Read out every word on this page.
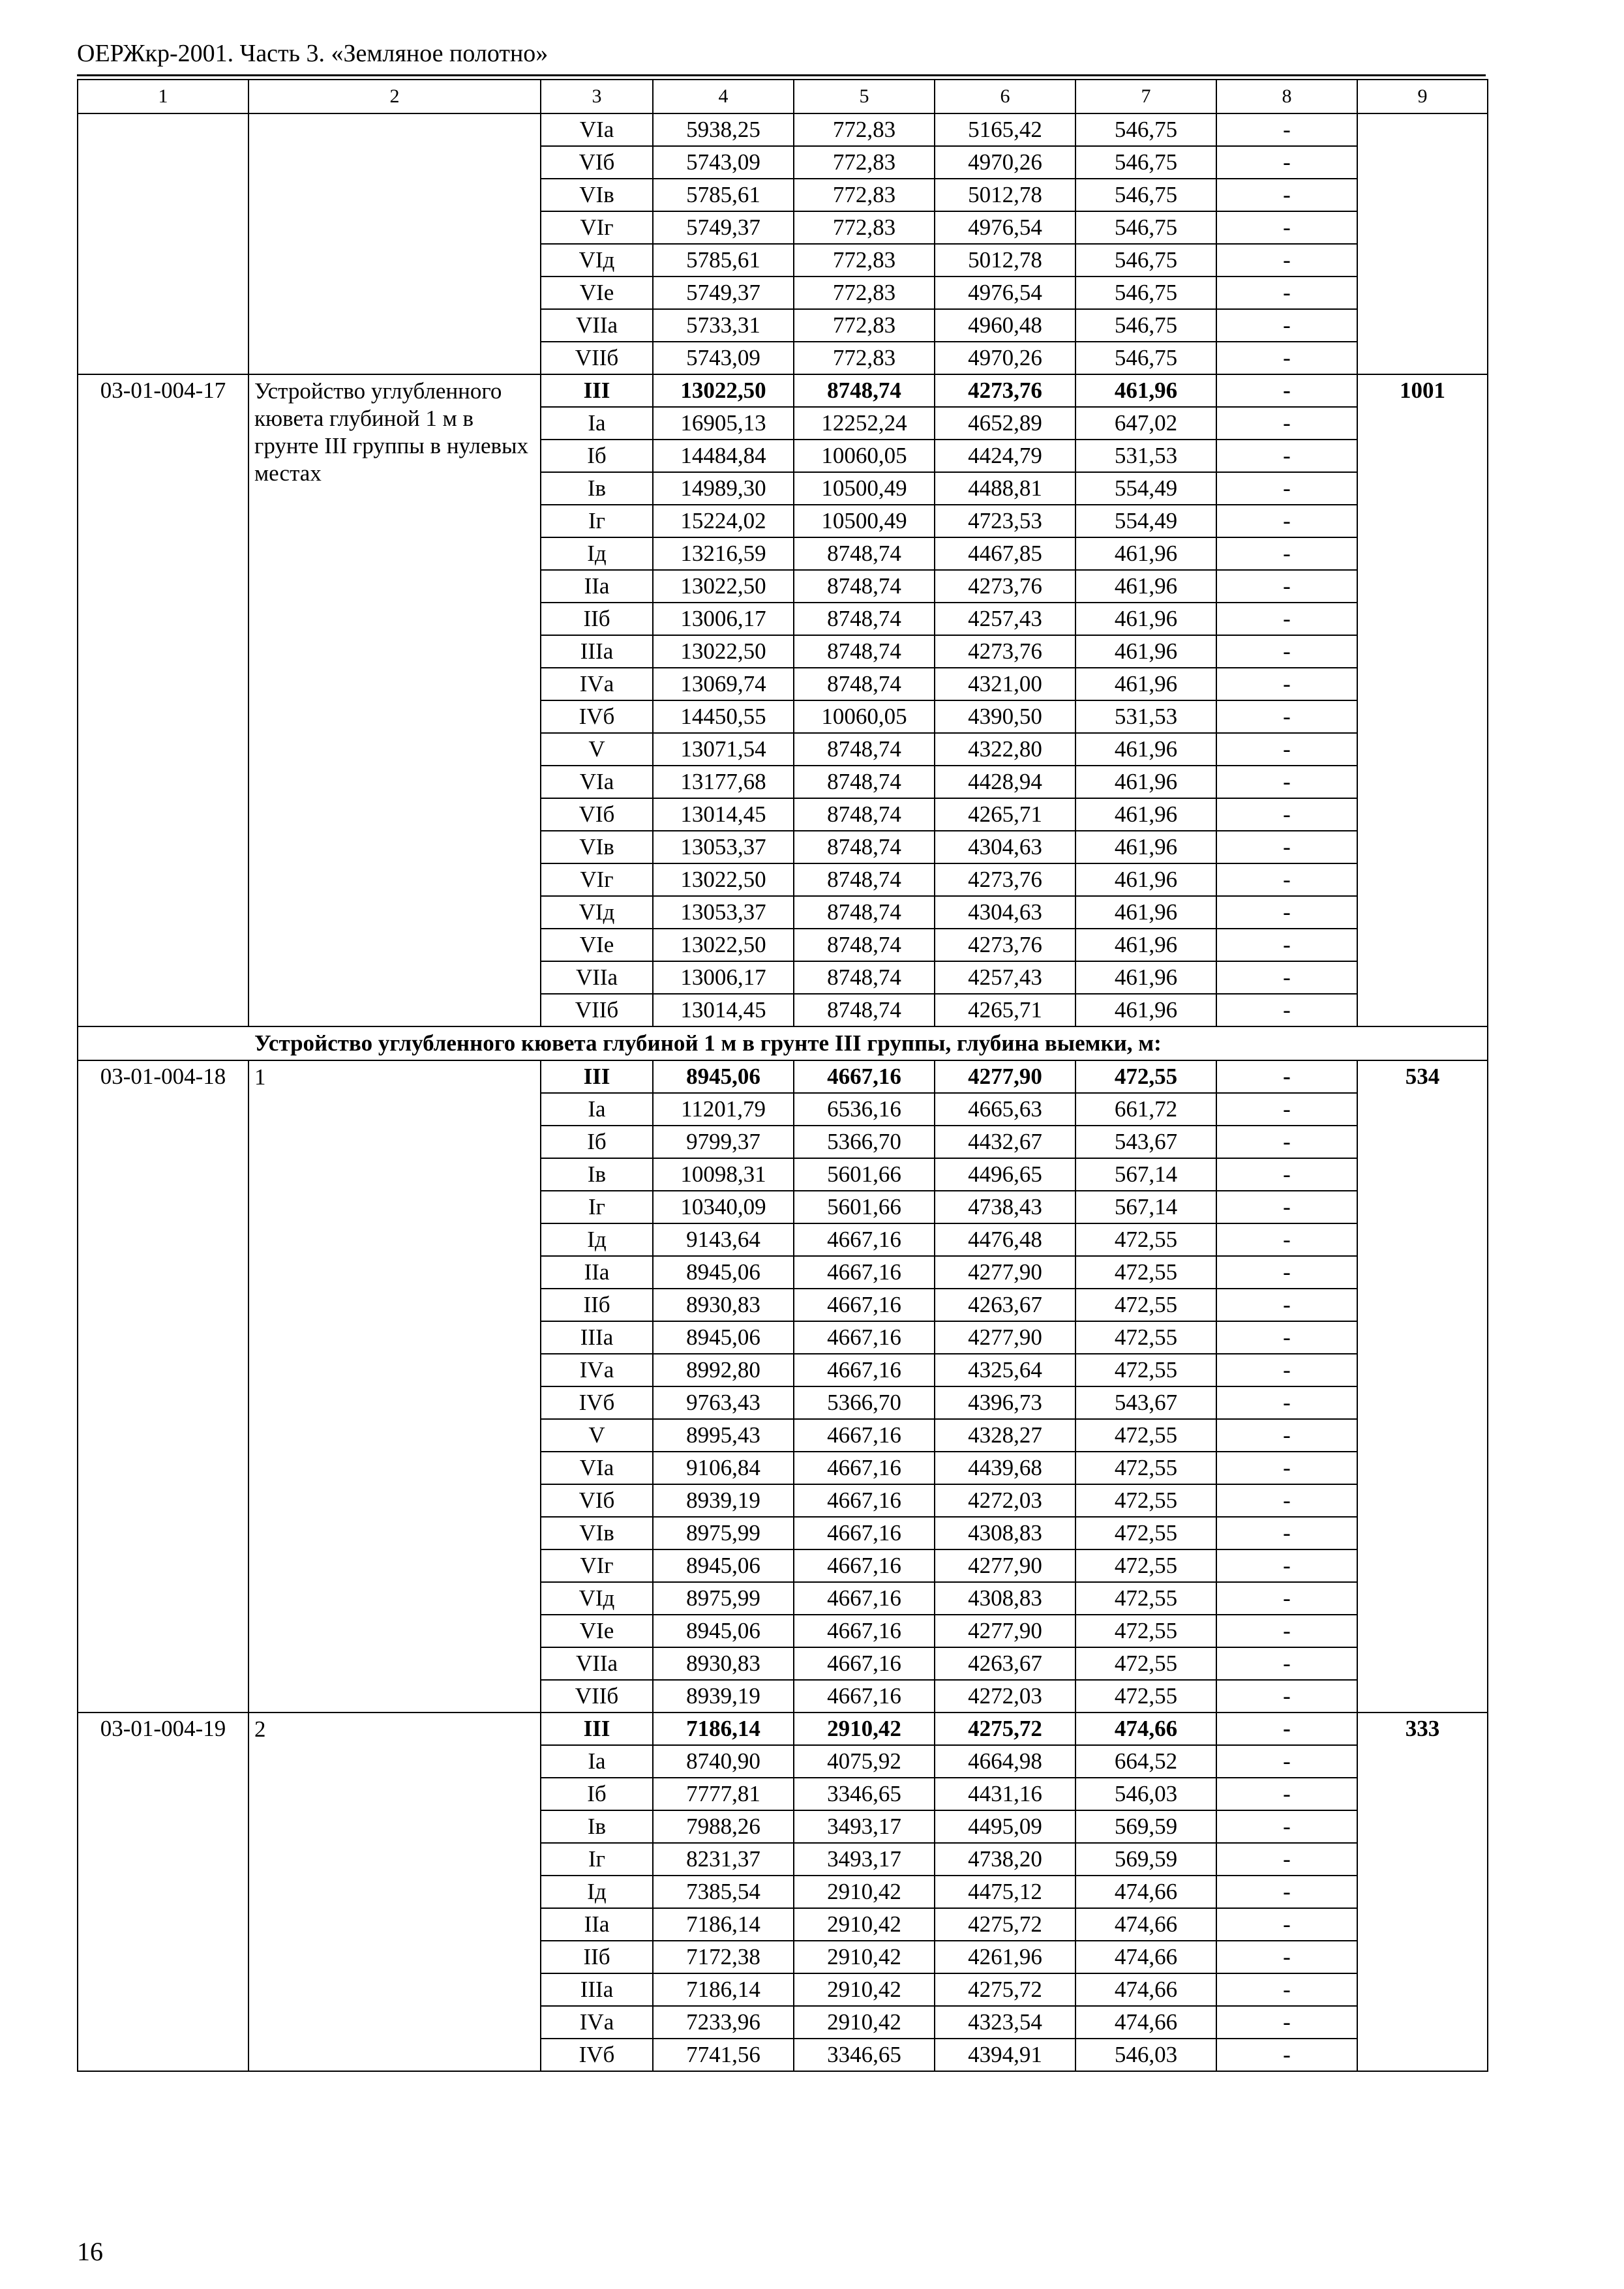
ОЕРЖкр-2001. Часть 3. «Земляное полотно»
1	2	3	4	5	6	7	8	9
		VIа	5938,25	772,83	5165,42	546,75	-	
		VIб	5743,09	772,83	4970,26	546,75	-	
		VIв	5785,61	772,83	5012,78	546,75	-	
		VIг	5749,37	772,83	4976,54	546,75	-	
		VIд	5785,61	772,83	5012,78	546,75	-	
		VIе	5749,37	772,83	4976,54	546,75	-	
		VIIа	5733,31	772,83	4960,48	546,75	-	
		VIIб	5743,09	772,83	4970,26	546,75	-	
03-01-004-17	Устройство углубленного кювета глубиной 1 м в грунте III группы в нулевых местах	III	13022,50	8748,74	4273,76	461,96	-	1001
		Iа	16905,13	12252,24	4652,89	647,02	-	
		Iб	14484,84	10060,05	4424,79	531,53	-	
		Iв	14989,30	10500,49	4488,81	554,49	-	
		Iг	15224,02	10500,49	4723,53	554,49	-	
		Iд	13216,59	8748,74	4467,85	461,96	-	
		IIа	13022,50	8748,74	4273,76	461,96	-	
		IIб	13006,17	8748,74	4257,43	461,96	-	
		IIIа	13022,50	8748,74	4273,76	461,96	-	
		IVа	13069,74	8748,74	4321,00	461,96	-	
		IVб	14450,55	10060,05	4390,50	531,53	-	
		V	13071,54	8748,74	4322,80	461,96	-	
		VIа	13177,68	8748,74	4428,94	461,96	-	
		VIб	13014,45	8748,74	4265,71	461,96	-	
		VIв	13053,37	8748,74	4304,63	461,96	-	
		VIг	13022,50	8748,74	4273,76	461,96	-	
		VIд	13053,37	8748,74	4304,63	461,96	-	
		VIе	13022,50	8748,74	4273,76	461,96	-	
		VIIа	13006,17	8748,74	4257,43	461,96	-	
		VIIб	13014,45	8748,74	4265,71	461,96	-	
Устройство углубленного кювета глубиной 1 м в грунте III группы, глубина выемки, м:								
03-01-004-18	1	III	8945,06	4667,16	4277,90	472,55	-	534
		Iа	11201,79	6536,16	4665,63	661,72	-	
		Iб	9799,37	5366,70	4432,67	543,67	-	
		Iв	10098,31	5601,66	4496,65	567,14	-	
		Iг	10340,09	5601,66	4738,43	567,14	-	
		Iд	9143,64	4667,16	4476,48	472,55	-	
		IIа	8945,06	4667,16	4277,90	472,55	-	
		IIб	8930,83	4667,16	4263,67	472,55	-	
		IIIа	8945,06	4667,16	4277,90	472,55	-	
		IVа	8992,80	4667,16	4325,64	472,55	-	
		IVб	9763,43	5366,70	4396,73	543,67	-	
		V	8995,43	4667,16	4328,27	472,55	-	
		VIа	9106,84	4667,16	4439,68	472,55	-	
		VIб	8939,19	4667,16	4272,03	472,55	-	
		VIв	8975,99	4667,16	4308,83	472,55	-	
		VIг	8945,06	4667,16	4277,90	472,55	-	
		VIд	8975,99	4667,16	4308,83	472,55	-	
		VIе	8945,06	4667,16	4277,90	472,55	-	
		VIIа	8930,83	4667,16	4263,67	472,55	-	
		VIIб	8939,19	4667,16	4272,03	472,55	-	
03-01-004-19	2	III	7186,14	2910,42	4275,72	474,66	-	333
		Iа	8740,90	4075,92	4664,98	664,52	-	
		Iб	7777,81	3346,65	4431,16	546,03	-	
		Iв	7988,26	3493,17	4495,09	569,59	-	
		Iг	8231,37	3493,17	4738,20	569,59	-	
		Iд	7385,54	2910,42	4475,12	474,66	-	
		IIа	7186,14	2910,42	4275,72	474,66	-	
		IIб	7172,38	2910,42	4261,96	474,66	-	
		IIIа	7186,14	2910,42	4275,72	474,66	-	
		IVа	7233,96	2910,42	4323,54	474,66	-	
		IVб	7741,56	3346,65	4394,91	546,03	-	
16
